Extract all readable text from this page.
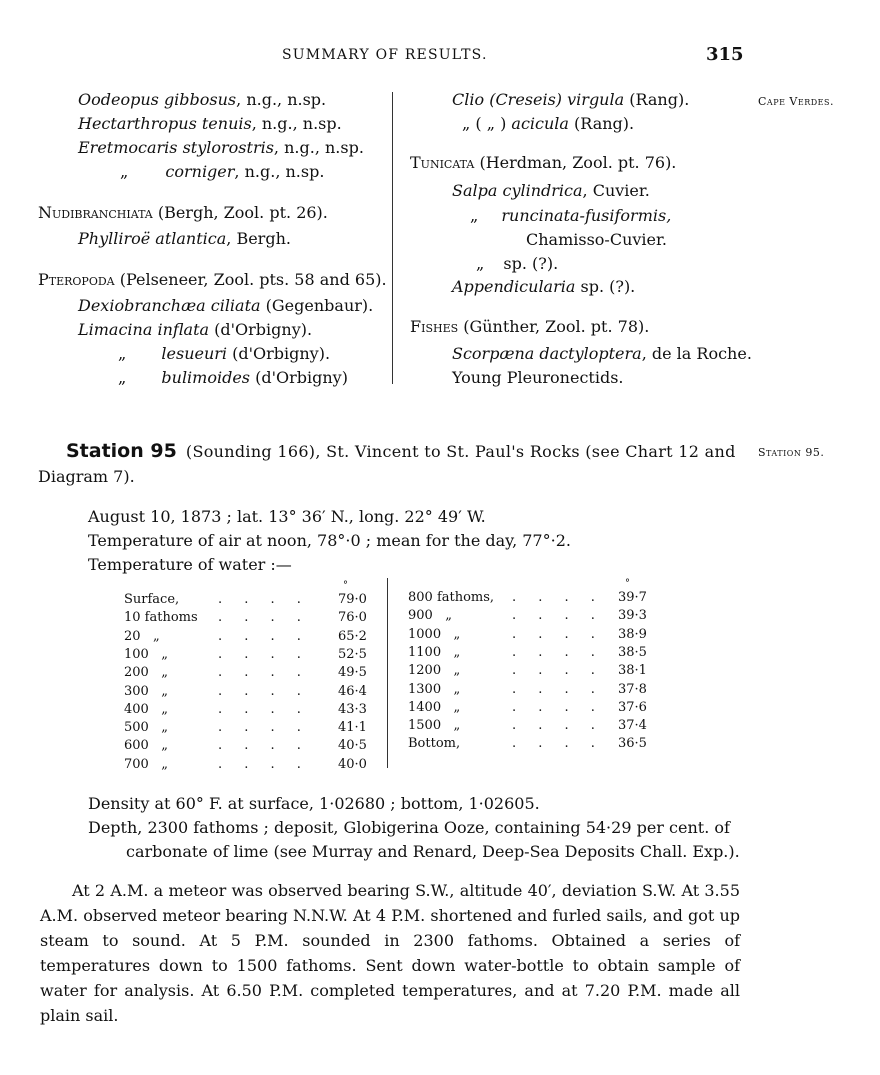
SUMMARY OF RESULTS.	315
Cape Verdes.
Oodeopus gibbosus, n.g., n.sp.
Hectarthropus tenuis, n.g., n.sp.
Eretmocaris stylorostris, n.g., n.sp.
„ corniger, n.g., n.sp.
Nudibranchiata (Bergh, Zool. pt. 26).
Phylliroë atlantica, Bergh.
Pteropoda (Pelseneer, Zool. pts. 58 and 65).
Dexiobranchæa ciliata (Gegenbaur).
Limacina inflata (d'Orbigny).
„ lesueuri (d'Orbigny).
„ bulimoides (d'Orbigny)
Clio (Creseis) virgula (Rang).
„ ( „ ) acicula (Rang).
Tunicata (Herdman, Zool. pt. 76).
Salpa cylindrica, Cuvier.
„ runcinata-fusiformis,
Chamisso-Cuvier.
„ sp. (?).
Appendicularia sp. (?).
Fishes (Günther, Zool. pt. 78).
Scorpæna dactyloptera, de la Roche.
Young Pleuronectids.
Station 95 (Sounding 166), St. Vincent to St. Paul's Rocks (see Chart 12 and
Diagram 7).
Station 95.
August 10, 1873 ; lat. 13° 36′ N., long. 22° 49′ W.
Temperature of air at noon, 78°·0 ; mean for the day, 77°·2.
Temperature of water :—
°	°
Surface,	. . . . 79·0
10 fathoms . . . . 76·0
20   „	. . . . 65·2
100   „	. . . . 52·5
200   „	. . . . 49·5
300   „	. . . . 46·4
400   „	. . . . 43·3
500   „	. . . . 41·1
600   „	. . . . 40·5
700   „	. . . . 40·0
800 fathoms, . . . . 39·7
900   „	. . . . 39·3
1000   „	. . . . 38·9
1100   „	. . . . 38·5
1200   „	. . . . 38·1
1300   „	. . . . 37·8
1400   „	. . . . 37·6
1500   „	. . . . 37·4
Bottom,	. . . . 36·5
Density at 60° F. at surface, 1·02680 ; bottom, 1·02605.
Depth, 2300 fathoms ; deposit, Globigerina Ooze, containing 54·29 per cent. of
carbonate of lime (see Murray and Renard, Deep-Sea Deposits Chall. Exp.).
At 2 A.M. a meteor was observed bearing S.W., altitude 40′, deviation S.W. At 3.55 A.M. observed meteor bearing N.N.W. At 4 P.M. shortened and furled sails, and got up steam to sound. At 5 P.M. sounded in 2300 fathoms. Obtained a series of temperatures down to 1500 fathoms. Sent down water-bottle to obtain sample of water for analysis. At 6.50 P.M. completed temperatures, and at 7.20 P.M. made all plain sail.
